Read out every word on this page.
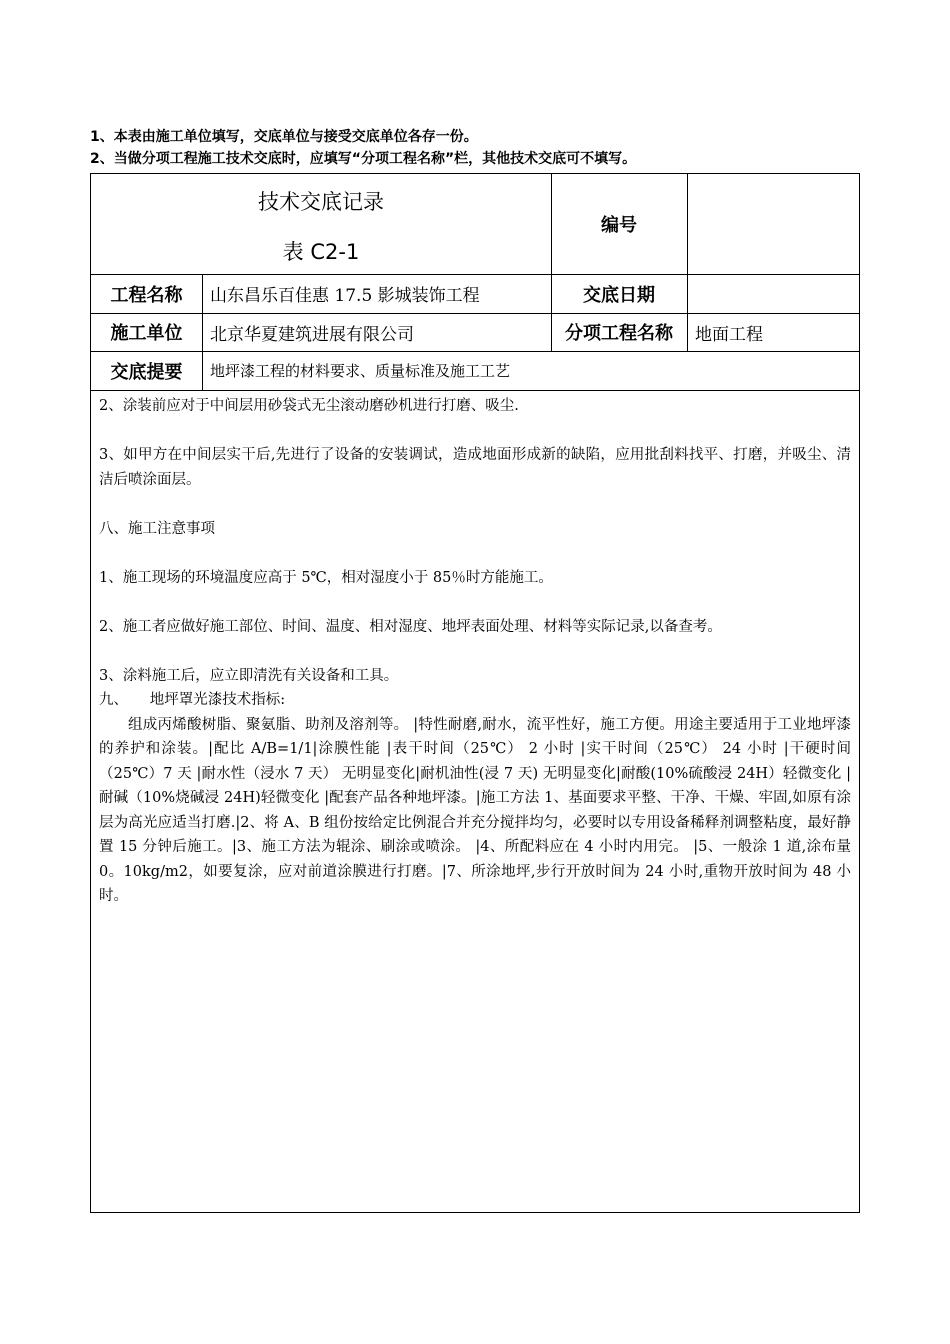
1、本表由施工单位填写，交底单位与接受交底单位各存一份。
2、当做分项工程施工技术交底时，应填写“分项工程名称”栏，其他技术交底可不填写。
技术交底记录
表 C2-1
编号
工程名称	山东昌乐百佳惠 17.5 影城装饰工程	交底日期
施工单位	北京华夏建筑进展有限公司	分项工程名称	地面工程
交底提要	地坪漆工程的材料要求、质量标准及施工工艺

2、涂装前应对于中间层用砂袋式无尘滚动磨砂机进行打磨、吸尘.

3、如甲方在中间层实干后,先进行了设备的安装调试，造成地面形成新的缺陷，应用批刮料找平、打磨，并吸尘、清洁后喷涂面层。

八、施工注意事项

1、施工现场的环境温度应高于 5℃，相对湿度小于 85％时方能施工。

2、施工者应做好施工部位、时间、温度、相对湿度、地坪表面处理、材料等实际记录,以备查考。

3、涂料施工后，应立即清洗有关设备和工具。

九、　　地坪罩光漆技术指标:

组成丙烯酸树脂、聚氨脂、助剂及溶剂等。 |特性耐磨,耐水，流平性好，施工方便。用途主要适用于工业地坪漆的养护和涂装。|配比 A/B=1/1|涂膜性能 |表干时间（25℃） 2 小时 |实干时间（25℃） 24 小时 |干硬时间（25℃）7 天 |耐水性（浸水 7 天） 无明显变化|耐机油性(浸 7 天) 无明显变化|耐酸(10%硫酸浸 24H）轻微变化 |耐碱（10%烧碱浸 24H)轻微变化 |配套产品各种地坪漆。|施工方法 1、基面要求平整、干净、干燥、牢固,如原有涂层为高光应适当打磨.|2、将 A、B 组份按给定比例混合并充分搅拌均匀，必要时以专用设备稀释剂调整粘度，最好静置 15 分钟后施工。|3、施工方法为辊涂、刷涂或喷涂。 |4、所配料应在 4 小时内用完。 |5、一般涂 1 道,涂布量 0。10kg/m2，如要复涂，应对前道涂膜进行打磨。|7、所涂地坪,步行开放时间为 24 小时,重物开放时间为 48 小时。
